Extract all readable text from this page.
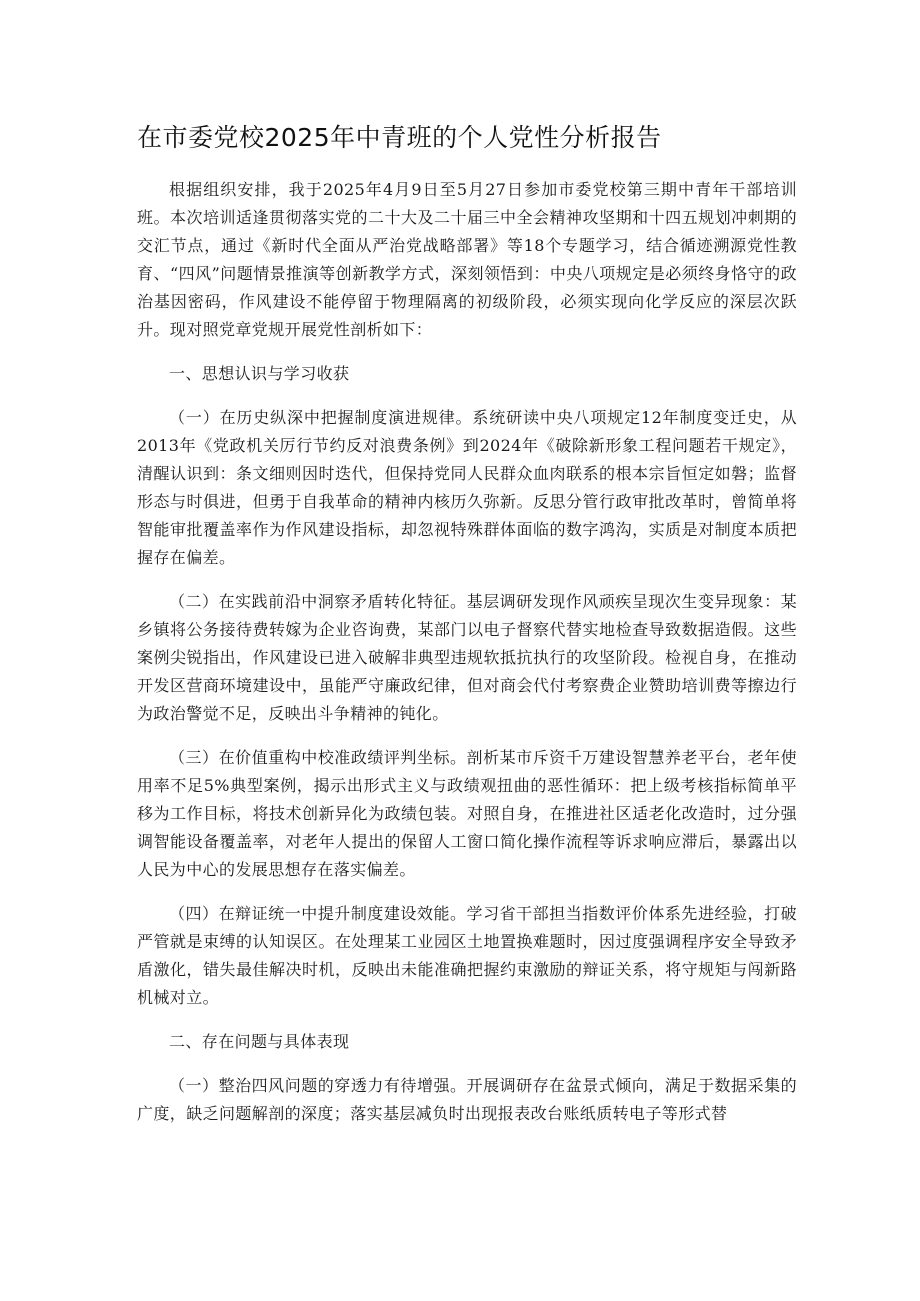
在市委党校2025年中青班的个人党性分析报告

根据组织安排，我于2025年4月9日至5月27日参加市委党校第三期中青年干部培训班。本次培训适逢贯彻落实党的二十大及二十届三中全会精神攻坚期和十四五规划冲刺期的交汇节点，通过《新时代全面从严治党战略部署》等18个专题学习，结合循迹溯源党性教育、“四风”问题情景推演等创新教学方式，深刻领悟到：中央八项规定是必须终身恪守的政治基因密码，作风建设不能停留于物理隔离的初级阶段，必须实现向化学反应的深层次跃升。现对照党章党规开展党性剖析如下：

一、思想认识与学习收获

（一）在历史纵深中把握制度演进规律。系统研读中央八项规定12年制度变迁史，从2013年《党政机关厉行节约反对浪费条例》到2024年《破除新形象工程问题若干规定》，清醒认识到：条文细则因时迭代，但保持党同人民群众血肉联系的根本宗旨恒定如磐；监督形态与时俱进，但勇于自我革命的精神内核历久弥新。反思分管行政审批改革时，曾简单将智能审批覆盖率作为作风建设指标，却忽视特殊群体面临的数字鸿沟，实质是对制度本质把握存在偏差。

（二）在实践前沿中洞察矛盾转化特征。基层调研发现作风顽疾呈现次生变异现象：某乡镇将公务接待费转嫁为企业咨询费，某部门以电子督察代替实地检查导致数据造假。这些案例尖锐指出，作风建设已进入破解非典型违规软抵抗执行的攻坚阶段。检视自身，在推动开发区营商环境建设中，虽能严守廉政纪律，但对商会代付考察费企业赞助培训费等擦边行为政治警觉不足，反映出斗争精神的钝化。

（三）在价值重构中校准政绩评判坐标。剖析某市斥资千万建设智慧养老平台，老年使用率不足5%典型案例，揭示出形式主义与政绩观扭曲的恶性循环：把上级考核指标简单平移为工作目标，将技术创新异化为政绩包装。对照自身，在推进社区适老化改造时，过分强调智能设备覆盖率，对老年人提出的保留人工窗口简化操作流程等诉求响应滞后，暴露出以人民为中心的发展思想存在落实偏差。

（四）在辩证统一中提升制度建设效能。学习省干部担当指数评价体系先进经验，打破严管就是束缚的认知误区。在处理某工业园区土地置换难题时，因过度强调程序安全导致矛盾激化，错失最佳解决时机，反映出未能准确把握约束激励的辩证关系，将守规矩与闯新路机械对立。

二、存在问题与具体表现

（一）整治四风问题的穿透力有待增强。开展调研存在盆景式倾向，满足于数据采集的广度，缺乏问题解剖的深度；落实基层减负时出现报表改台账纸质转电子等形式替
